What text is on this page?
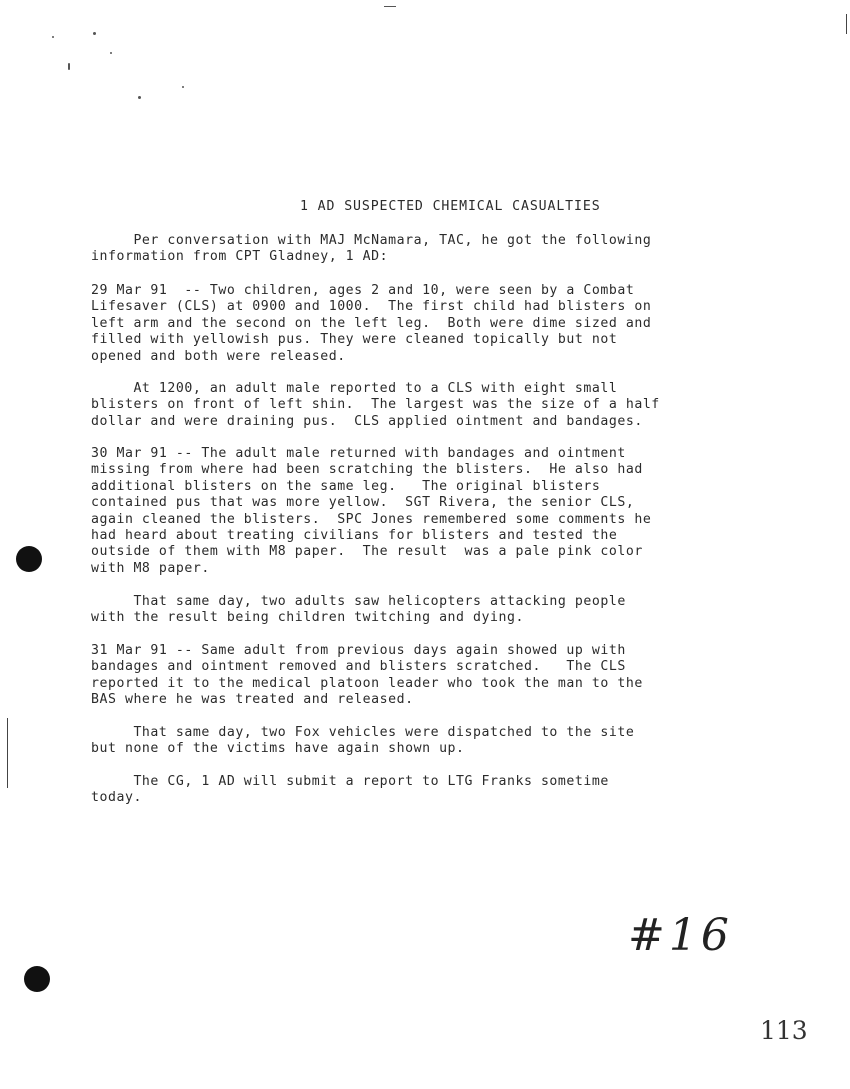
1 AD SUSPECTED CHEMICAL CASUALTIES

Per conversation with MAJ McNamara, TAC, he got the following
information from CPT Gladney, 1 AD:

29 Mar 91  -- Two children, ages 2 and 10, were seen by a Combat
Lifesaver (CLS) at 0900 and 1000.  The first child had blisters on
left arm and the second on the left leg.  Both were dime sized and
filled with yellowish pus. They were cleaned topically but not
opened and both were released.

At 1200, an adult male reported to a CLS with eight small
blisters on front of left shin.  The largest was the size of a half
dollar and were draining pus.  CLS applied ointment and bandages.

30 Mar 91 -- The adult male returned with bandages and ointment
missing from where had been scratching the blisters.  He also had
additional blisters on the same leg.   The original blisters
contained pus that was more yellow.  SGT Rivera, the senior CLS,
again cleaned the blisters.  SPC Jones remembered some comments he
had heard about treating civilians for blisters and tested the
outside of them with M8 paper.  The result  was a pale pink color
with M8 paper.

That same day, two adults saw helicopters attacking people
with the result being children twitching and dying.

31 Mar 91 -- Same adult from previous days again showed up with
bandages and ointment removed and blisters scratched.   The CLS
reported it to the medical platoon leader who took the man to the
BAS where he was treated and released.

That same day, two Fox vehicles were dispatched to the site
but none of the victims have again shown up.

The CG, 1 AD will submit a report to LTG Franks sometime
today.

#16
113
